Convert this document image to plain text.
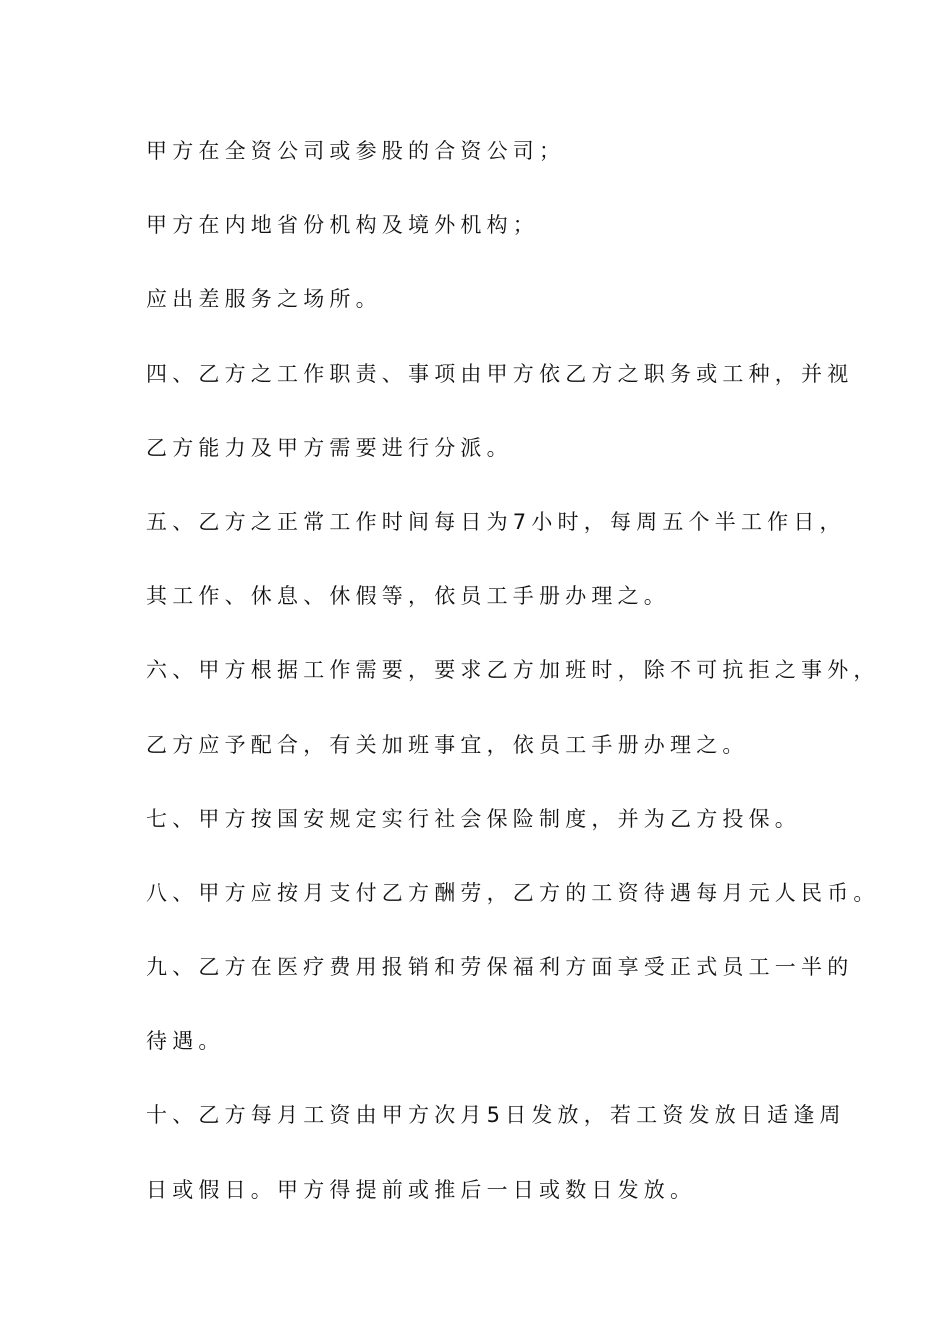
甲方在全资公司或参股的合资公司；
甲方在内地省份机构及境外机构；
应出差服务之场所。
四、乙方之工作职责、事项由甲方依乙方之职务或工种，并视
乙方能力及甲方需要进行分派。
五、乙方之正常工作时间每日为7小时，每周五个半工作日，
其工作、休息、休假等，依员工手册办理之。
六、甲方根据工作需要，要求乙方加班时，除不可抗拒之事外，
乙方应予配合，有关加班事宜，依员工手册办理之。
七、甲方按国安规定实行社会保险制度，并为乙方投保。
八、甲方应按月支付乙方酬劳，乙方的工资待遇每月元人民币。
九、乙方在医疗费用报销和劳保福利方面享受正式员工一半的
待遇。
十、乙方每月工资由甲方次月5日发放，若工资发放日适逢周
日或假日。甲方得提前或推后一日或数日发放。
